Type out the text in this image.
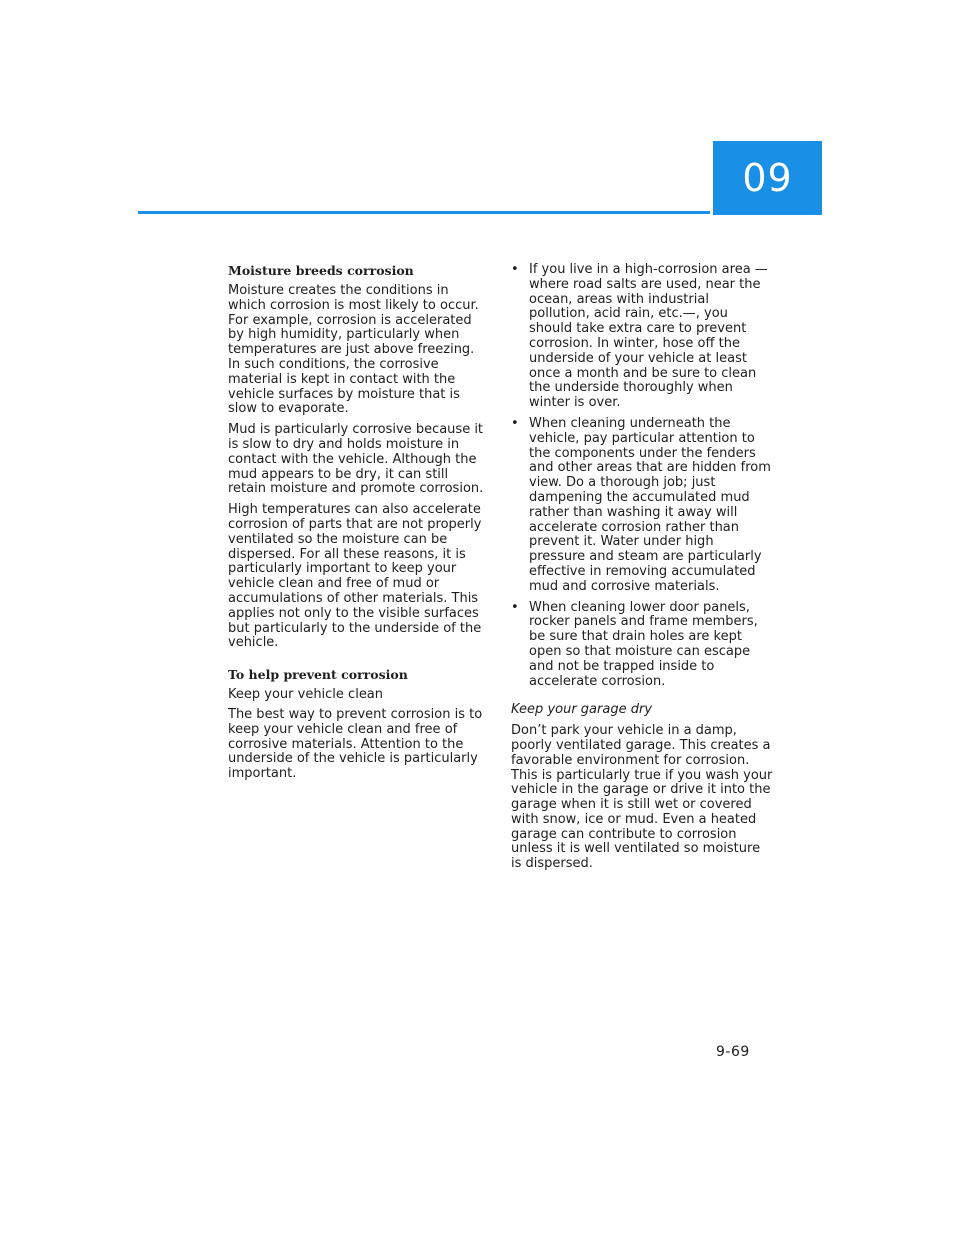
09
Moisture breeds corrosion

Moisture creates the conditions in which corrosion is most likely to occur. For example, corrosion is accelerated by high humidity, particularly when temperatures are just above freezing. In such conditions, the corrosive material is kept in contact with the vehicle surfaces by moisture that is slow to evaporate.

Mud is particularly corrosive because it is slow to dry and holds moisture in contact with the vehicle. Although the mud appears to be dry, it can still retain moisture and promote corrosion.

High temperatures can also accelerate corrosion of parts that are not properly ventilated so the moisture can be dispersed. For all these reasons, it is particularly important to keep your vehicle clean and free of mud or accumulations of other materials. This applies not only to the visible surfaces but particularly to the underside of the vehicle.

To help prevent corrosion

Keep your vehicle clean

The best way to prevent corrosion is to keep your vehicle clean and free of corrosive materials. Attention to the underside of the vehicle is particularly important.

• If you live in a high-corrosion area — where road salts are used, near the ocean, areas with industrial pollution, acid rain, etc.—, you should take extra care to prevent corrosion. In winter, hose off the underside of your vehicle at least once a month and be sure to clean the underside thoroughly when winter is over.
• When cleaning underneath the vehicle, pay particular attention to the components under the fenders and other areas that are hidden from view. Do a thorough job; just dampening the accumulated mud rather than washing it away will accelerate corrosion rather than prevent it. Water under high pressure and steam are particularly effective in removing accumulated mud and corrosive materials.
• When cleaning lower door panels, rocker panels and frame members, be sure that drain holes are kept open so that moisture can escape and not be trapped inside to accelerate corrosion.

Keep your garage dry

Don’t park your vehicle in a damp, poorly ventilated garage. This creates a favorable environment for corrosion. This is particularly true if you wash your vehicle in the garage or drive it into the garage when it is still wet or covered with snow, ice or mud. Even a heated garage can contribute to corrosion unless it is well ventilated so moisture is dispersed.

9-69
